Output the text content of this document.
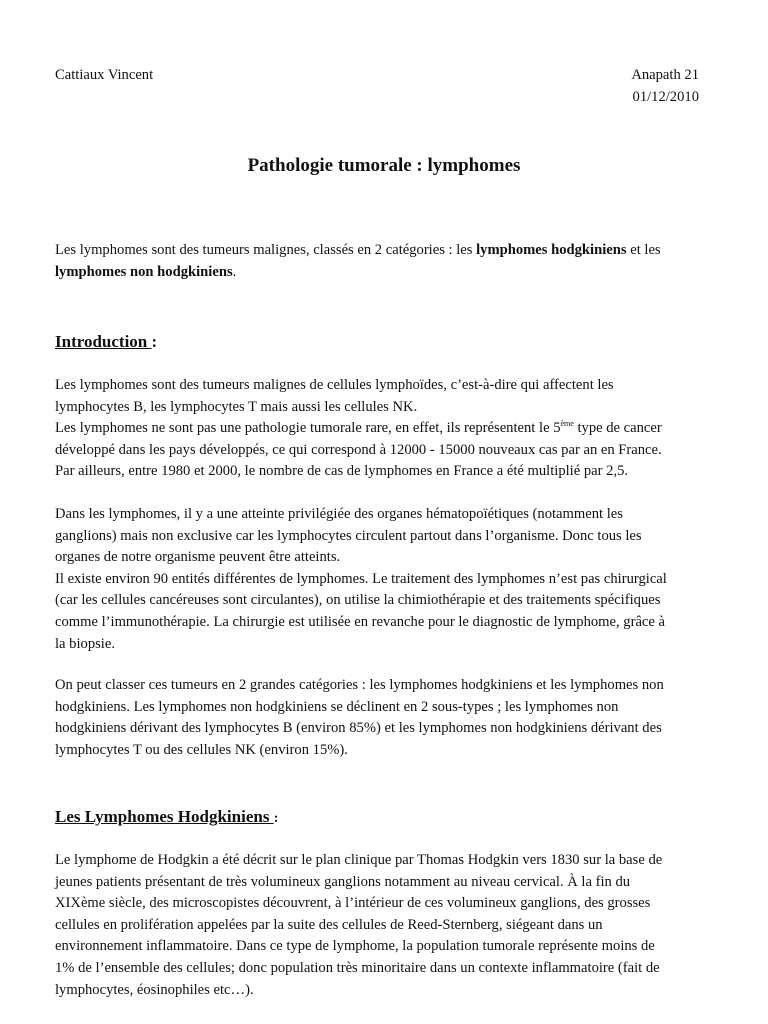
Cattiaux Vincent	Anapath 21
01/12/2010
Pathologie tumorale : lymphomes

Les lymphomes sont des tumeurs malignes, classés en 2 catégories : les lymphomes hodgkiniens et les
lymphomes non hodgkiniens.

Introduction :

Les lymphomes sont des tumeurs malignes de cellules lymphoïdes, c’est-à-dire qui affectent les
lymphocytes B, les lymphocytes T mais aussi les cellules NK.
Les lymphomes ne sont pas une pathologie tumorale rare, en effet, ils représentent le 5ème type de cancer
développé dans les pays développés, ce qui correspond à 12000 - 15000 nouveaux cas par an en France.
Par ailleurs, entre 1980 et 2000, le nombre de cas de lymphomes en France a été multiplié par 2,5.

Dans les lymphomes, il y a une atteinte privilégiée des organes hématopoïétiques (notamment les
ganglions) mais non exclusive car les lymphocytes circulent partout dans l’organisme. Donc tous les
organes de notre organisme peuvent être atteints.
Il existe environ 90 entités différentes de lymphomes. Le traitement des lymphomes n’est pas chirurgical
(car les cellules cancéreuses sont circulantes), on utilise la chimiothérapie et des traitements spécifiques
comme l’immunothérapie. La chirurgie est utilisée en revanche pour le diagnostic de lymphome, grâce à
la biopsie.

On peut classer ces tumeurs en 2 grandes catégories : les lymphomes hodgkiniens et les lymphomes non
hodgkiniens. Les lymphomes non hodgkiniens se déclinent en 2 sous-types ; les lymphomes non
hodgkiniens dérivant des lymphocytes B (environ 85%) et les lymphomes non hodgkiniens dérivant des
lymphocytes T ou des cellules NK (environ 15%).

Les Lymphomes Hodgkiniens :

Le lymphome de Hodgkin a été décrit sur le plan clinique par Thomas Hodgkin vers 1830 sur la base de
jeunes patients présentant de très volumineux ganglions notamment au niveau cervical. À la fin du
XIXème siècle, des microscopistes découvrent, à l’intérieur de ces volumineux ganglions, des grosses
cellules en prolifération appelées par la suite des cellules de Reed-Sternberg, siégeant dans un
environnement inflammatoire. Dans ce type de lymphome, la population tumorale représente moins de
1% de l’ensemble des cellules; donc population très minoritaire dans un contexte inflammatoire (fait de
lymphocytes, éosinophiles etc…).
